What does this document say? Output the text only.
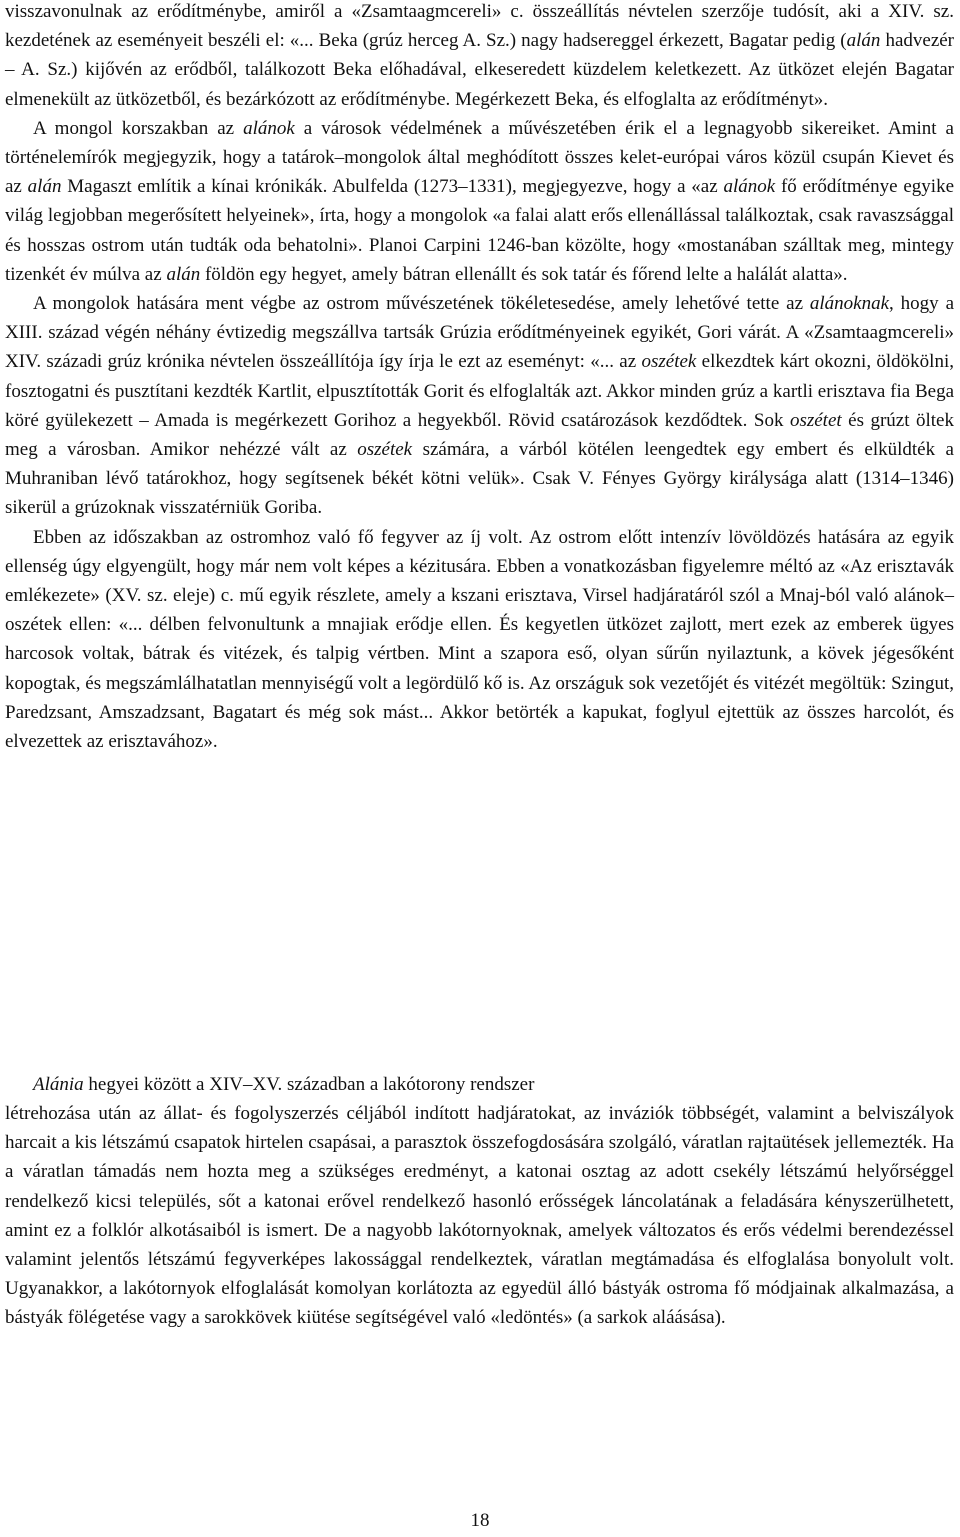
visszavonulnak az erődítménybe, amiről a «Zsamtaagmcereli» c. összeállítás névtelen szerzője tudósít, aki a XIV. sz. kezdetének az eseményeit beszéli el: «... Beka (grúz herceg A. Sz.) nagy hadsereggel érkezett, Bagatar pedig (alán hadvezér – A. Sz.) kijővén az erődből, találkozott Beka előhadával, elkeseredett küzdelem keletkezett. Az ütközet elején Bagatar elmenekült az ütközetből, és bezárkózott az erődítménybe. Megérkezett Beka, és elfoglalta az erődítményt».

A mongol korszakban az alánok a városok védelmének a művészetében érik el a legnagyobb sikereiket. Amint a történelemírók megjegyzik, hogy a tatárok–mongolok által meghódított összes kelet-európai város közül csupán Kievet és az alán Magaszt említik a kínai krónikák. Abulfelda (1273–1331), megjegyezve, hogy a «az alánok fő erődítménye egyike világ legjobban megerősített helyeinek», írta, hogy a mongolok «a falai alatt erős ellenállással találkoztak, csak ravaszsággal és hosszas ostrom után tudták oda behatolni». Planoi Carpini 1246-ban közölte, hogy «mostanában szálltak meg, mintegy tizenkét év múlva az alán földön egy hegyet, amely bátran ellenállt és sok tatár és főrend lelte a halálát alatta».

A mongolok hatására ment végbe az ostrom művészetének tökéletesedése, amely lehetővé tette az alánoknak, hogy a XIII. század végén néhány évtizedig megszállva tartsák Grúzia erődítményeinek egyikét, Gori várát. A «Zsamtaagmcereli» XIV. századi grúz krónika névtelen összeállítója így írja le ezt az eseményt: «... az oszétek elkezdtek kárt okozni, öldökölni, fosztogatni és pusztítani kezdték Kartlit, elpusztították Gorit és elfoglalták azt. Akkor minden grúz a kartli erisztava fia Bega köré gyülekezett – Amada is megérkezett Gorihoz a hegyekből. Rövid csatározások kezdődtek. Sok oszétet és grúzt öltek meg a városban. Amikor nehézzé vált az oszétek számára, a várból kötélen leengedtek egy embert és elküldték a Muhraniban lévő tatárokhoz, hogy segítsenek békét kötni velük». Csak V. Fényes György királysága alatt (1314–1346) sikerül a grúzoknak visszatérniük Goriba.

Ebben az időszakban az ostromhoz való fő fegyver az íj volt. Az ostrom előtt intenzív lövöldözés hatására az egyik ellenség úgy elgyengült, hogy már nem volt képes a kézitusára. Ebben a vonatkozásban figyelemre méltó az «Az erisztavák emlékezete» (XV. sz. eleje) c. mű egyik részlete, amely a kszani erisztava, Virsel hadjáratáról szól a Mnaj-ból való alánok–oszétek ellen: «... délben felvonultunk a mnajiak erődje ellen. És kegyetlen ütközet zajlott, mert ezek az emberek ügyes harcosok voltak, bátrak és vitézek, és talpig vértben. Mint a szapora eső, olyan sűrűn nyilaztunk, a kövek jégesőként kopogtak, és megszámlálhatatlan mennyiségű volt a legördülő kő is. Az országuk sok vezetőjét és vitézét megöltük: Szingut, Paredzsant, Amszadzsant, Bagatart és még sok mást... Akkor betörték a kapukat, foglyul ejtettük az összes harcolót, és elvezettek az erisztavához».

Alánia hegyei között a XIV–XV. században a lakótorony rendszer

létrehozása után az állat- és fogolyszerzés céljából indított hadjáratokat, az inváziók többségét, valamint a belviszályok harcait a kis létszámú csapatok hirtelen csapásai, a parasztok összefogdosására szolgáló, váratlan rajtaütések jellemezték. Ha a váratlan támadás nem hozta meg a szükséges eredményt, a katonai osztag az adott csekély létszámú helyőrséggel rendelkező kicsi település, sőt a katonai erővel rendelkező hasonló erősségek láncolatának a feladására kényszerülhetett, amint ez a folklór alkotásaiból is ismert. De a nagyobb lakótornyoknak, amelyek változatos és erős védelmi berendezéssel valamint jelentős létszámú fegyverképes lakossággal rendelkeztek, váratlan megtámadása és elfoglalása bonyolult volt. Ugyanakkor, a lakótornyok elfoglalását komolyan korlátozta az egyedül álló bástyák ostroma fő módjainak alkalmazása, a bástyák fölégetése vagy a sarokkövek kiütése segítségével való «ledöntés» (a sarkok aláásása).

18
